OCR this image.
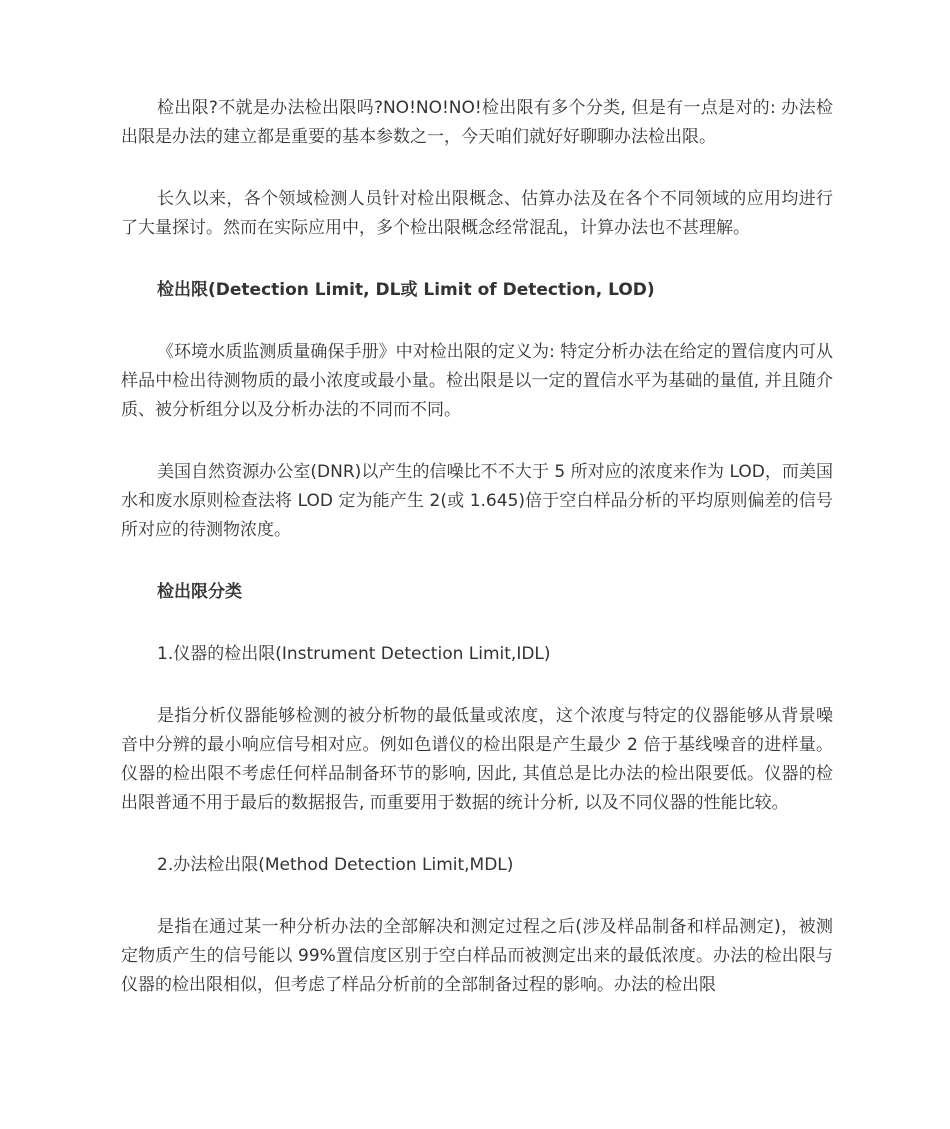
检出限?不就是办法检出限吗?NO!NO!NO!检出限有多个分类, 但是有一点是对的: 办法检出限是办法的建立都是重要的基本参数之一，今天咱们就好好聊聊办法检出限。

长久以来，各个领域检测人员针对检出限概念、估算办法及在各个不同领域的应用均进行了大量探讨。然而在实际应用中，多个检出限概念经常混乱，计算办法也不甚理解。

检出限(Detection Limit, DL或 Limit of Detection, LOD)

《环境水质监测质量确保手册》中对检出限的定义为: 特定分析办法在给定的置信度内可从样品中检出待测物质的最小浓度或最小量。检出限是以一定的置信水平为基础的量值, 并且随介质、被分析组分以及分析办法的不同而不同。

美国自然资源办公室(DNR)以产生的信噪比不不大于 5 所对应的浓度来作为 LOD，而美国水和废水原则检查法将 LOD 定为能产生 2(或 1.645)倍于空白样品分析的平均原则偏差的信号所对应的待测物浓度。

检出限分类

1.仪器的检出限(Instrument Detection Limit,IDL)

是指分析仪器能够检测的被分析物的最低量或浓度，这个浓度与特定的仪器能够从背景噪音中分辨的最小响应信号相对应。例如色谱仪的检出限是产生最少 2 倍于基线噪音的进样量。仪器的检出限不考虑任何样品制备环节的影响, 因此, 其值总是比办法的检出限要低。仪器的检出限普通不用于最后的数据报告, 而重要用于数据的统计分析, 以及不同仪器的性能比较。

2.办法检出限(Method Detection Limit,MDL)

是指在通过某一种分析办法的全部解决和测定过程之后(涉及样品制备和样品测定)，被测定物质产生的信号能以 99%置信度区别于空白样品而被测定出来的最低浓度。办法的检出限与仪器的检出限相似，但考虑了样品分析前的全部制备过程的影响。办法的检出限
